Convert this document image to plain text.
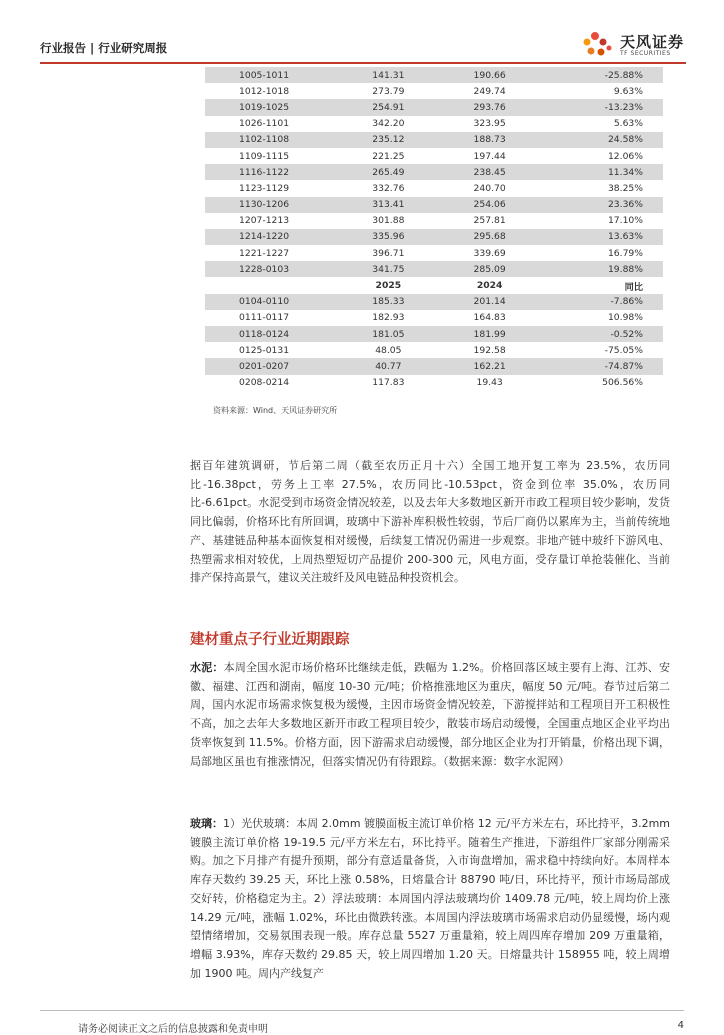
行业报告 | 行业研究周报	天风证券
TF SECURITIES
1005-1011	141.31	190.66	-25.88%
1012-1018	273.79	249.74	9.63%
1019-1025	254.91	293.76	-13.23%
1026-1101	342.20	323.95	5.63%
1102-1108	235.12	188.73	24.58%
1109-1115	221.25	197.44	12.06%
1116-1122	265.49	238.45	11.34%
1123-1129	332.76	240.70	38.25%
1130-1206	313.41	254.06	23.36%
1207-1213	301.88	257.81	17.10%
1214-1220	335.96	295.68	13.63%
1221-1227	396.71	339.69	16.79%
1228-0103	341.75	285.09	19.88%
	2025	2024	同比
0104-0110	185.33	201.14	-7.86%
0111-0117	182.93	164.83	10.98%
0118-0124	181.05	181.99	-0.52%
0125-0131	48.05	192.58	-75.05%
0201-0207	40.77	162.21	-74.87%
0208-0214	117.83	19.43	506.56%
资料来源：Wind、天风证券研究所
据百年建筑调研，节后第二周（截至农历正月十六）全国工地开复工率为 23.5%，农历同比-16.38pct，劳务上工率 27.5%，农历同比-10.53pct，资金到位率 35.0%，农历同比-6.61pct。水泥受到市场资金情况较差，以及去年大多数地区新开市政工程项目较少影响，发货同比偏弱，价格环比有所回调，玻璃中下游补库积极性较弱，节后厂商仍以累库为主，当前传统地产、基建链品种基本面恢复相对缓慢，后续复工情况仍需进一步观察。非地产链中玻纤下游风电、热塑需求相对较优，上周热塑短切产品提价 200-300 元，风电方面，受存量订单抢装催化、当前排产保持高景气，建议关注玻纤及风电链品种投资机会。
建材重点子行业近期跟踪
水泥：本周全国水泥市场价格环比继续走低，跌幅为 1.2%。价格回落区域主要有上海、江苏、安徽、福建、江西和湖南，幅度 10-30 元/吨；价格推涨地区为重庆，幅度 50 元/吨。春节过后第二周，国内水泥市场需求恢复极为缓慢，主因市场资金情况较差，下游搅拌站和工程项目开工积极性不高，加之去年大多数地区新开市政工程项目较少，散装市场启动缓慢，全国重点地区企业平均出货率恢复到 11.5%。价格方面，因下游需求启动缓慢，部分地区企业为打开销量，价格出现下调，局部地区虽也有推涨情况，但落实情况仍有待跟踪。（数据来源：数字水泥网）
玻璃：1）光伏玻璃：本周 2.0mm 镀膜面板主流订单价格 12 元/平方米左右，环比持平，3.2mm 镀膜主流订单价格 19-19.5 元/平方米左右，环比持平。随着生产推进，下游组件厂家部分刚需采购。加之下月排产有提升预期，部分有意适量备货，入市询盘增加，需求稳中持续向好。本周样本库存天数约 39.25 天，环比上涨 0.58%，日熔量合计 88790 吨/日，环比持平，预计市场局部成交好转，价格稳定为主。2）浮法玻璃：本周国内浮法玻璃均价 1409.78 元/吨，较上周均价上涨 14.29 元/吨，涨幅 1.02%，环比由微跌转涨。本周国内浮法玻璃市场需求启动仍显缓慢，场内观望情绪增加，交易氛围表现一般。库存总量 5527 万重量箱，较上周四库存增加 209 万重量箱，增幅 3.93%，库存天数约 29.85 天，较上周四增加 1.20 天。日熔量共计 158955 吨，较上周增加 1900 吨。周内产线复产
请务必阅读正文之后的信息披露和免责申明	4
